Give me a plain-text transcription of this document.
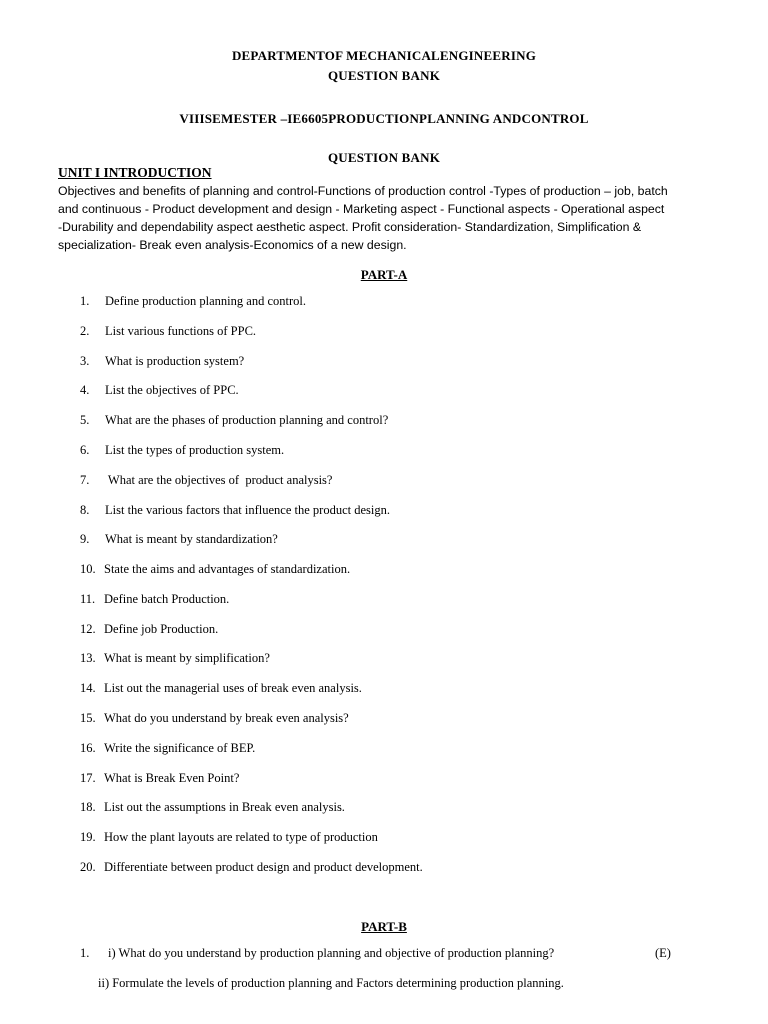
DEPARTMENTOF MECHANICALENGINEERING
QUESTION BANK
VIIISEMESTER –IE6605PRODUCTIONPLANNING ANDCONTROL
QUESTION BANK
UNIT I INTRODUCTION
Objectives and benefits of planning and control-Functions of production control -Types of production – job, batch
and continuous - Product development and design - Marketing aspect - Functional aspects - Operational aspect
-Durability and dependability aspect aesthetic aspect. Profit consideration- Standardization, Simplification &
specialization- Break even analysis-Economics of a new design.
PART-A
1.	Define production planning and control.
2.	List various functions of PPC.
3.	What is production system?
4.	List the objectives of PPC.
5.	What are the phases of production planning and control?
6.	List the types of production system.
7.	What are the objectives of  product analysis?
8.	List the various factors that influence the product design.
9.	What is meant by standardization?
10. State the aims and advantages of standardization.
11. Define batch Production.
12. Define job Production.
13. What is meant by simplification?
14. List out the managerial uses of break even analysis.
15. What do you understand by break even analysis?
16. Write the significance of BEP.
17. What is Break Even Point?
18. List out the assumptions in Break even analysis.
19. How the plant layouts are related to type of production
20. Differentiate between product design and product development.
PART-B
1. i) What do you understand by production planning and objective of production planning?	(E)
ii) Formulate the levels of production planning and Factors determining production planning.
